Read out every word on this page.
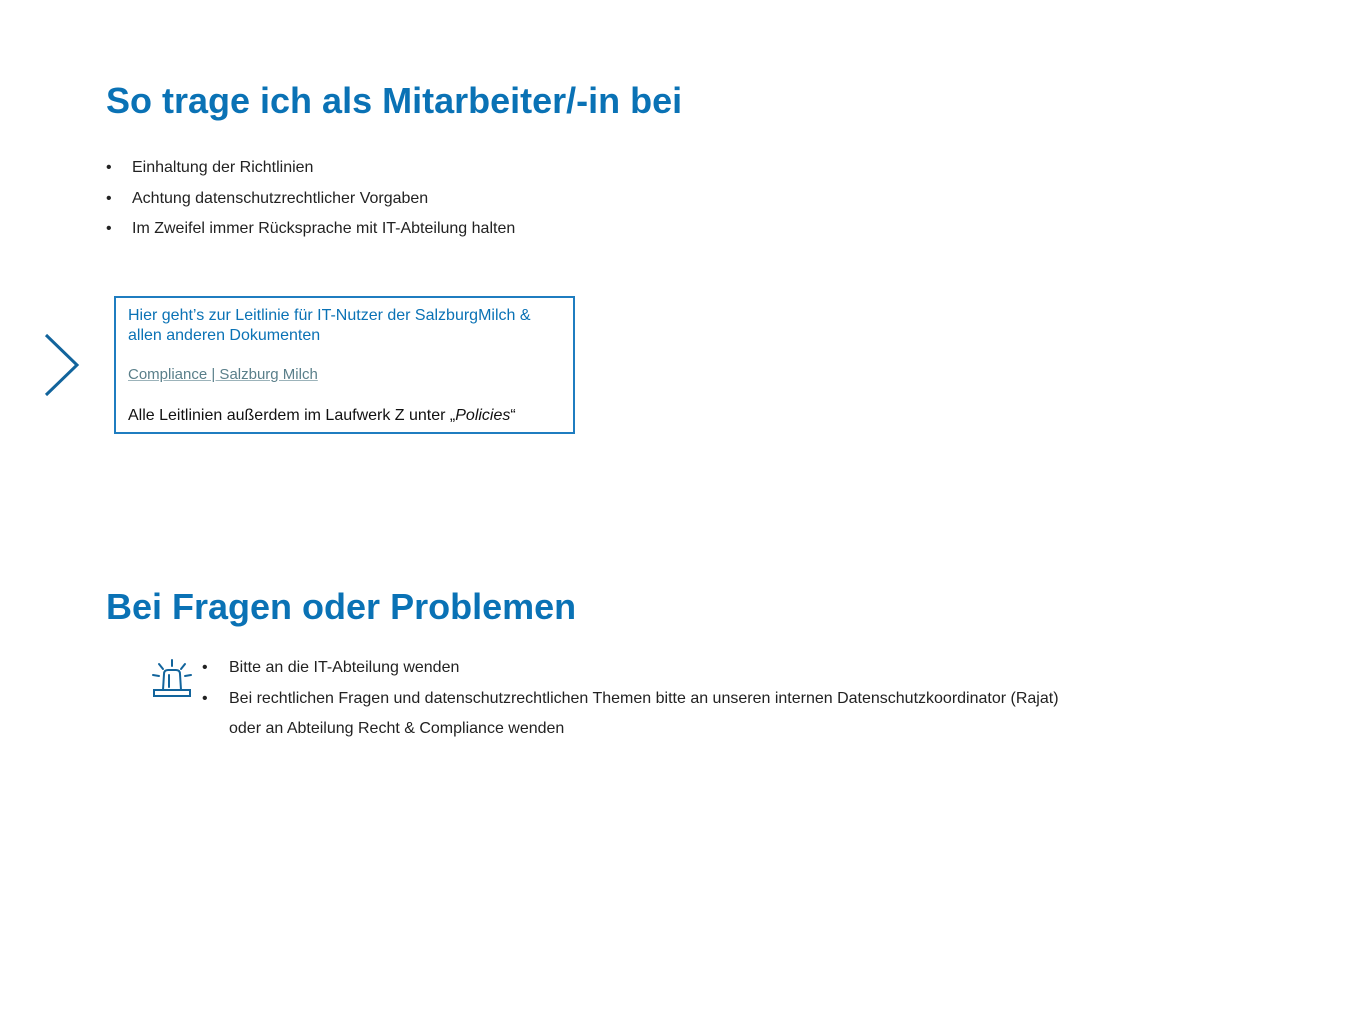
So trage ich als Mitarbeiter/-in bei
• Einhaltung der Richtlinien
• Achtung datenschutzrechtlicher Vorgaben
• Im Zweifel immer Rücksprache mit IT-Abteilung halten
Hier geht’s zur Leitlinie für IT-Nutzer der SalzburgMilch & allen anderen Dokumenten
Compliance | Salzburg Milch
Alle Leitlinien außerdem im Laufwerk Z unter „Policies“
Bei Fragen oder Problemen
• Bitte an die IT-Abteilung wenden
• Bei rechtlichen Fragen und datenschutzrechtlichen Themen bitte an unseren internen Datenschutzkoordinator (Rajat)
oder an Abteilung Recht & Compliance wenden
